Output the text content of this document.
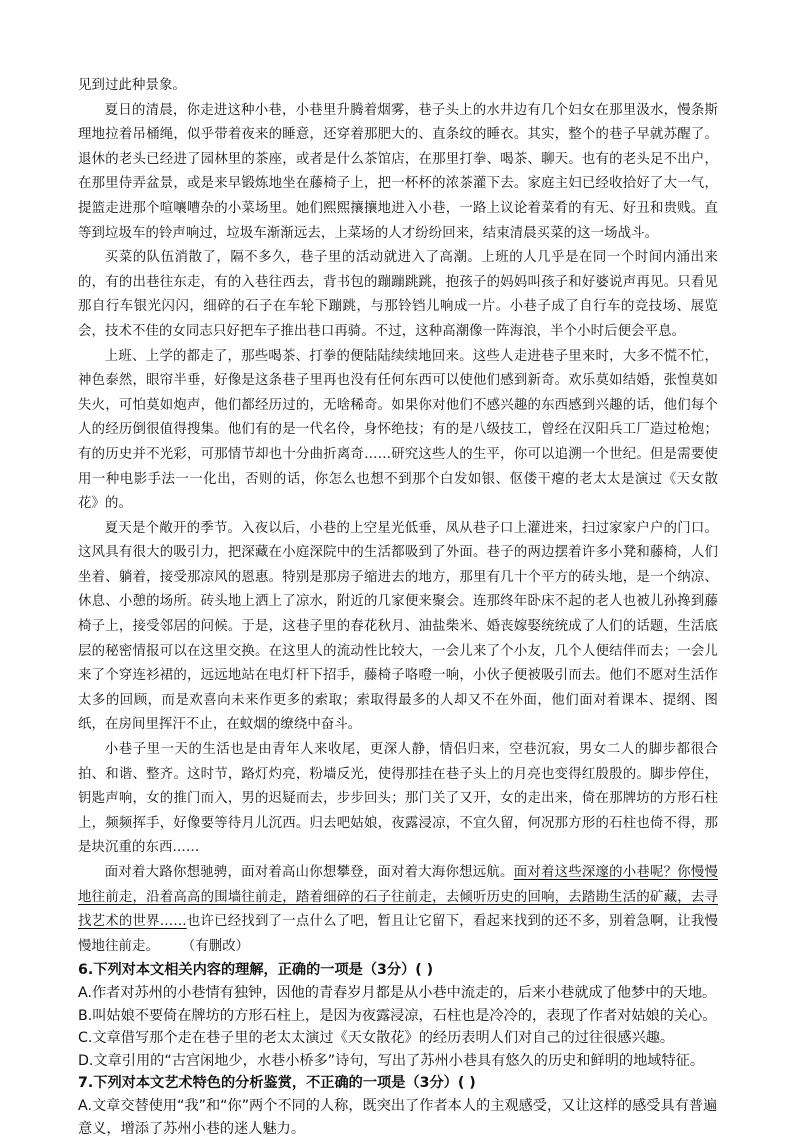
见到过此种景象。

夏日的清晨，你走进这种小巷，小巷里升腾着烟雾，巷子头上的水井边有几个妇女在那里汲水，慢条斯理地拉着吊桶绳，似乎带着夜来的睡意，还穿着那肥大的、直条纹的睡衣。其实，整个的巷子早就苏醒了。退休的老头已经进了园林里的茶座，或者是什么茶馆店，在那里打拳、喝茶、聊天。也有的老头足不出户，在那里侍弄盆景，或是来早锻炼地坐在藤椅子上，把一杯杯的浓茶灌下去。家庭主妇已经收拾好了大一气，提篮走进那个喧嚷嘈杂的小菜场里。她们熙熙攘攘地进入小巷，一路上议论着菜肴的有无、好丑和贵贱。直等到垃圾车的铃声响过，垃圾车渐渐远去，上菜场的人才纷纷回来，结束清晨买菜的这一场战斗。

买菜的队伍消散了，隔不多久，巷子里的活动就进入了高潮。上班的人几乎是在同一个时间内涌出来的，有的出巷往东走，有的入巷往西去，背书包的蹦蹦跳跳，抱孩子的妈妈叫孩子和好婆说声再见。只看见那自行车银光闪闪，细碎的石子在车轮下蹦跳，与那铃铛儿响成一片。小巷子成了自行车的竞技场、展览会，技术不佳的女同志只好把车子推出巷口再骑。不过，这种高潮像一阵海浪，半个小时后便会平息。

上班、上学的都走了，那些喝茶、打拳的便陆陆续续地回来。这些人走进巷子里来时，大多不慌不忙，神色泰然，眼帘半垂，好像是这条巷子里再也没有任何东西可以使他们感到新奇。欢乐莫如结婚，张惶莫如失火，可怕莫如炮声，他们都经历过的，无啥稀奇。如果你对他们不感兴趣的东西感到兴趣的话，他们每个人的经历倒很值得搜集。他们有的是一代名伶，身怀绝技；有的是八级技工，曾经在汉阳兵工厂造过枪炮；有的历史并不光彩，可那情节却也十分曲折离奇……研究这些人的生平，你可以追溯一个世纪。但是需要使用一种电影手法一一化出，否则的话，你怎么也想不到那个白发如银、伛偻干瘪的老太太是演过《天女散花》的。

夏天是个敞开的季节。入夜以后，小巷的上空星光低垂，凤从巷子口上灌进来，扫过家家户户的门口。这风具有很大的吸引力，把深藏在小庭深院中的生活都吸到了外面。巷子的两边摆着许多小凳和藤椅，人们坐着、躺着，接受那凉风的恩惠。特别是那房子缩进去的地方，那里有几十个平方的砖头地，是一个纳凉、休息、小憩的场所。砖头地上洒上了凉水，附近的几家便来聚会。连那终年卧床不起的老人也被儿孙搀到藤椅子上，接受邻居的问候。于是，这巷子里的春花秋月、油盐柴米、婚丧嫁娶统统成了人们的话题，生活底层的秘密情报可以在这里交换。在这里人的流动性比较大，一会儿来了个小友，几个人便结伴而去；一会儿来了个穿连衫裙的，远远地站在电灯杆下招手，藤椅子咯噔一响，小伙子便被吸引而去。他们不愿对生活作太多的回顾，而是欢喜向未来作更多的索取；索取得最多的人却又不在外面，他们面对着课本、提纲、图纸，在房间里挥汗不止，在蚊烟的缭绕中奋斗。

小巷子里一天的生活也是由青年人来收尾，更深人静，情侣归来，空巷沉寂，男女二人的脚步都很合拍、和谐、整齐。这时节，路灯灼亮，粉墙反光，使得那挂在巷子头上的月亮也变得红殷殷的。脚步停住，钥匙声响，女的推门而入，男的迟疑而去，步步回头；那门关了又开，女的走出来，倚在那牌坊的方形石柱上，频频挥手，好像要等待月儿沉西。归去吧姑娘，夜露浸凉，不宜久留，何况那方形的石柱也倚不得，那是块沉重的东西……

面对着大路你想驰骋，面对着高山你想攀登，面对着大海你想远航。面对着这些深邃的小巷呢？你慢慢地往前走，沿着高高的围墙往前走，踏着细碎的石子往前走，去倾听历史的回响，去踏勘生活的矿藏，去寻找艺术的世界……也许已经找到了一点什么了吧，暂且让它留下，看起来找到的还不多，别着急啊，让我慢慢地往前走。 （有删改）

6.下列对本文相关内容的理解，正确的一项是（3分）( )

A.作者对苏州的小巷情有独钟，因他的青春岁月都是从小巷中流走的，后来小巷就成了他梦中的天地。

B.叫姑娘不要倚在牌坊的方形石柱上，是因为夜露浸凉，石柱也是冷冷的，表现了作者对姑娘的关心。

C.文章借写那个走在巷子里的老太太演过《天女散花》的经历表明人们对自己的过往很感兴趣。

D.文章引用的“古宫闲地少，水巷小桥多”诗句，写出了苏州小巷具有悠久的历史和鲜明的地域特征。

7.下列对本文艺术特色的分析鉴赏，不正确的一项是（3分）( )

A.文章交替使用“我”和“你”两个不同的人称，既突出了作者本人的主观感受，又让这样的感受具有普遍意义，增添了苏州小巷的迷人魅力。
